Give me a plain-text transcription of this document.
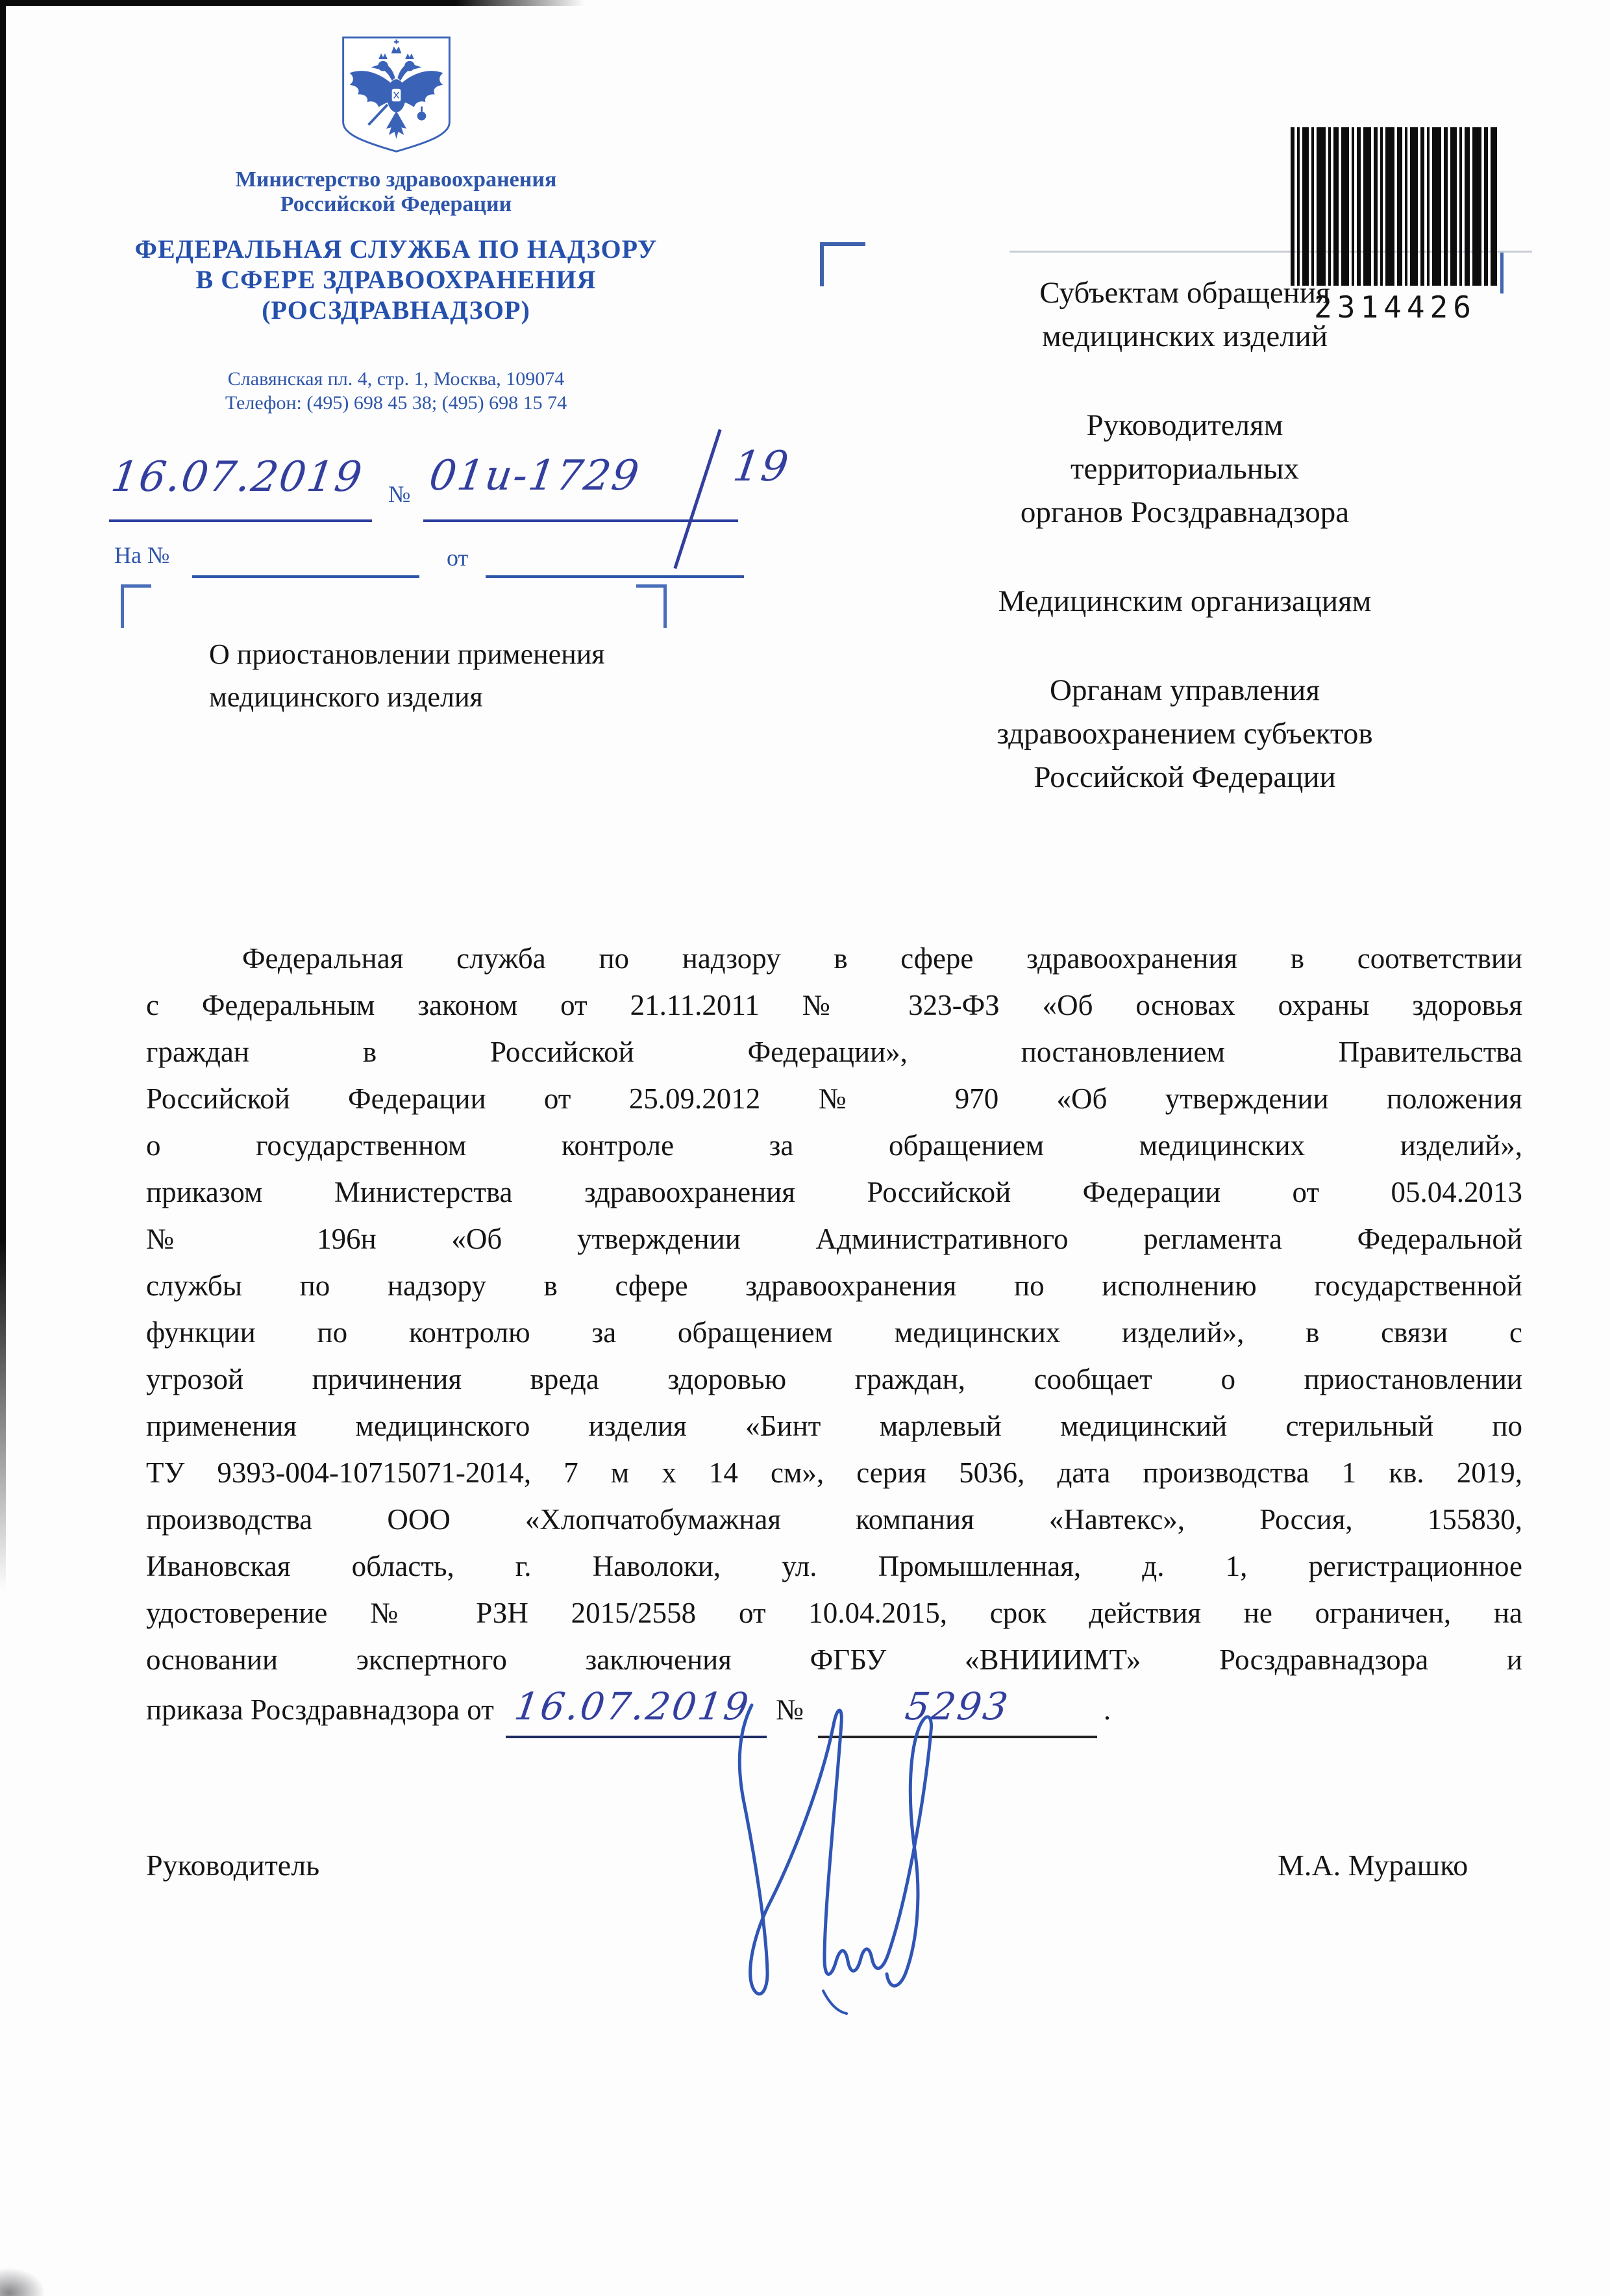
Министерство здравоохранения
Российской Федерации
ФЕДЕРАЛЬНАЯ СЛУЖБА ПО НАДЗОРУ
В СФЕРЕ ЗДРАВООХРАНЕНИЯ
(РОСЗДРАВНАДЗОР)
Славянская пл. 4, стр. 1, Москва, 109074
Телефон: (495) 698 45 38; (495) 698 15 74
16.07.2019 № 01и-1729 19
На №	от
2314426
Субъектам обращения
медицинских изделий
Руководителям
территориальных
органов Росздравнадзора
Медицинским организациям
Органам управления
здравоохранением субъектов
Российской Федерации
О приостановлении применения
медицинского изделия
Федеральная служба по надзору в сфере здравоохранения в соответствии
с Федеральным законом от 21.11.2011 № 323-ФЗ «Об основах охраны здоровья
граждан в Российской Федерации», постановлением Правительства
Российской Федерации от 25.09.2012 № 970 «Об утверждении положения
о государственном контроле за обращением медицинских изделий»,
приказом Министерства здравоохранения Российской Федерации от 05.04.2013
№ 196н «Об утверждении Административного регламента Федеральной
службы по надзору в сфере здравоохранения по исполнению государственной
функции по контролю за обращением медицинских изделий», в связи с
угрозой причинения вреда здоровью граждан, сообщает о приостановлении
применения медицинского изделия «Бинт марлевый медицинский стерильный по
ТУ 9393-004-10715071-2014, 7 м х 14 см», серия 5036, дата производства 1 кв. 2019,
производства ООО «Хлопчатобумажная компания «Навтекс», Россия, 155830,
Ивановская область, г. Наволоки, ул. Промышленная, д. 1, регистрационное
удостоверение № РЗН 2015/2558 от 10.04.2015, срок действия не ограничен, на
основании экспертного заключения ФГБУ «ВНИИИМТ» Росздравнадзора и
приказа Росздравнадзора от 16.07.2019 №	5293	.
Руководитель	М.А. Мурашко
